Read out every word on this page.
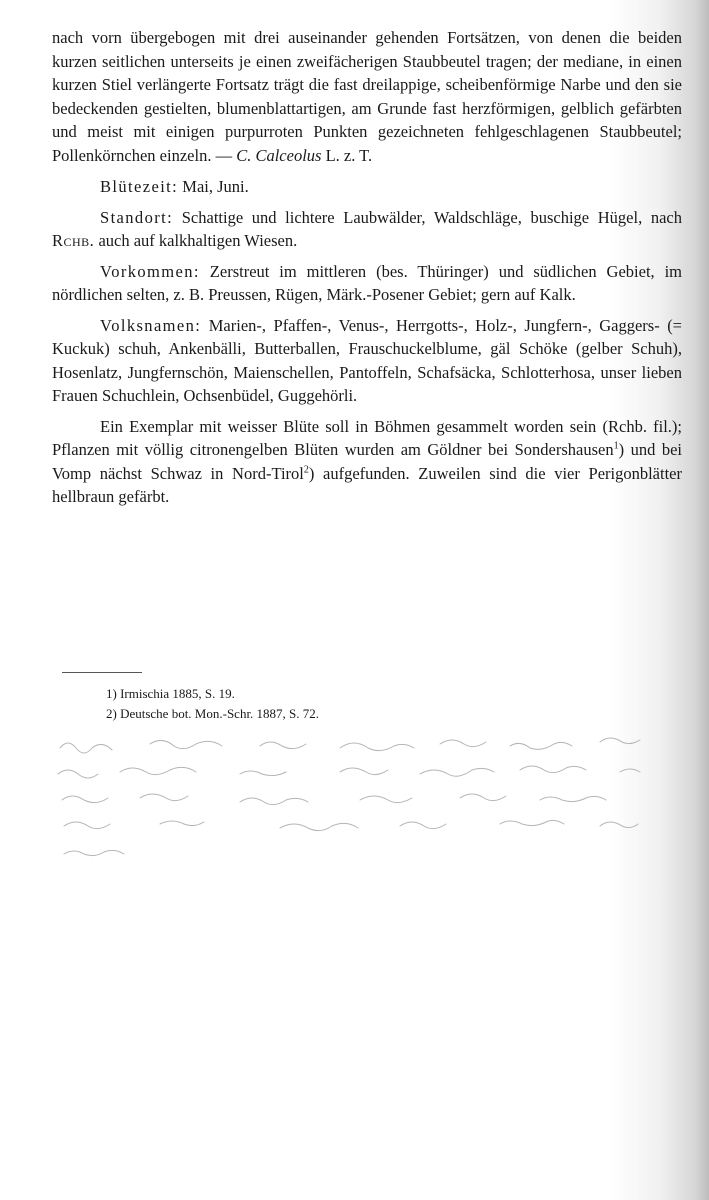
nach vorn übergebogen mit drei auseinander gehenden Fortsätzen, von denen die beiden kurzen seitlichen unterseits je einen zweifächerigen Staubbeutel tragen; der mediane, in einen kurzen Stiel verlängerte Fortsatz trägt die fast dreilappige, scheibenförmige Narbe und den sie bedeckenden gestielten, blumenblattartigen, am Grunde fast herzförmigen, gelblich gefärbten und meist mit einigen purpurroten Punkten gezeichneten fehlgeschlagenen Staubbeutel; Pollenkörnchen einzeln. — C. Calceolus L. z. T.

Blütezeit: Mai, Juni.

Standort: Schattige und lichtere Laubwälder, Waldschläge, buschige Hügel, nach Rchb. auch auf kalkhaltigen Wiesen.

Vorkommen: Zerstreut im mittleren (bes. Thüringer) und südlichen Gebiet, im nördlichen selten, z. B. Preussen, Rügen, Märk.-Posener Gebiet; gern auf Kalk.

Volksnamen: Marien-, Pfaffen-, Venus-, Herrgotts-, Holz-, Jungfern-, Gaggers- (= Kuckuk) schuh, Ankenbälli, Butterballen, Frauschuckelblume, gäl Schöke (gelber Schuh), Hosenlatz, Jungfernschön, Maienschellen, Pantoffeln, Schafsäcka, Schlotterhosa, unser lieben Frauen Schuchlein, Ochsenbüdel, Guggehörli.

Ein Exemplar mit weisser Blüte soll in Böhmen gesammelt worden sein (Rchb. fil.); Pflanzen mit völlig citronengelben Blüten wurden am Göldner bei Sondershausen$^1$) und bei Vomp nächst Schwaz in Nord-Tirol$^2$) aufgefunden. Zuweilen sind die vier Perigonblätter hellbraun gefärbt.

1) Irmischia 1885, S. 19.

2) Deutsche bot. Mon.-Schr. 1887, S. 72.
